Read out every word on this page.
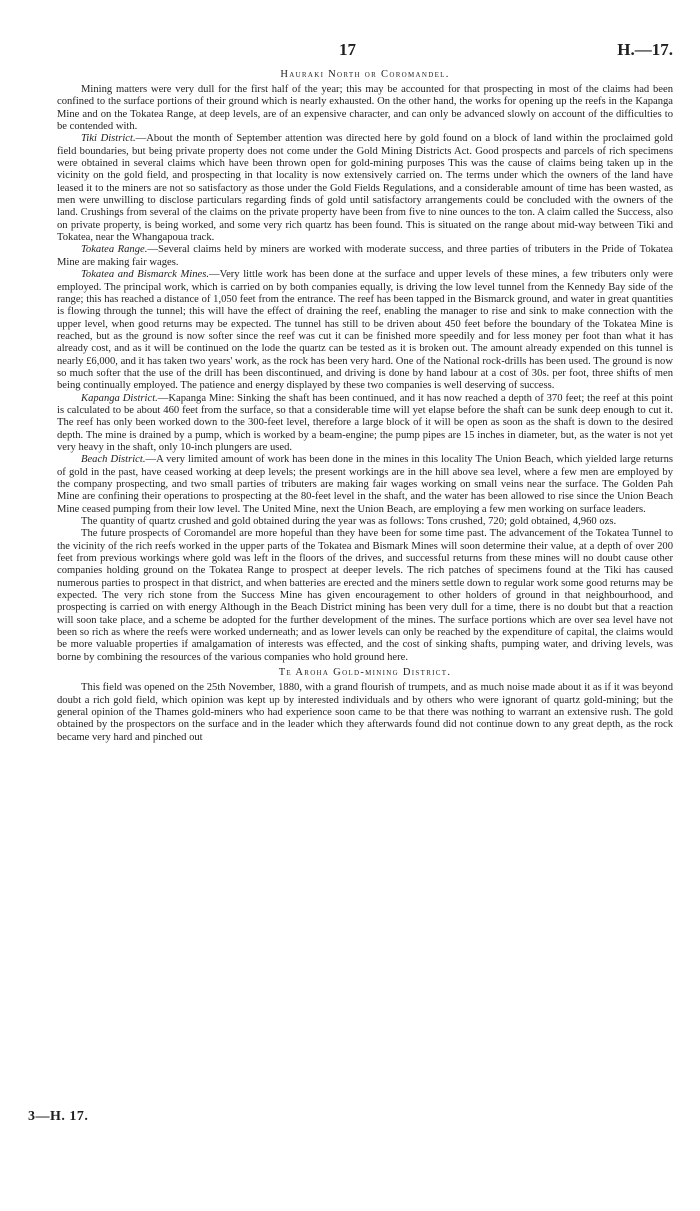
17	H.—17.
Hauraki North or Coromandel.

Mining matters were very dull for the first half of the year; this may be accounted for that prospecting in most of the claims had been confined to the surface portions of their ground which is nearly exhausted. On the other hand, the works for opening up the reefs in the Kapanga Mine and on the Tokatea Range, at deep levels, are of an expensive character, and can only be advanced slowly on account of the difficulties to be contended with.

Tiki District.—About the month of September attention was directed here by gold found on a block of land within the proclaimed gold field boundaries, but being private property does not come under the Gold Mining Districts Act. Good prospects and parcels of rich specimens were obtained in several claims which have been thrown open for gold-mining purposes This was the cause of claims being taken up in the vicinity on the gold field, and prospecting in that locality is now extensively carried on. The terms under which the owners of the land have leased it to the miners are not so satisfactory as those under the Gold Fields Regulations, and a considerable amount of time has been wasted, as men were unwilling to disclose particulars regarding finds of gold until satisfactory arrangements could be concluded with the owners of the land. Crushings from several of the claims on the private property have been from five to nine ounces to the ton. A claim called the Success, also on private property, is being worked, and some very rich quartz has been found. This is situated on the range about mid-way between Tiki and Tokatea, near the Whangapoua track.

Tokatea Range.—Several claims held by miners are worked with moderate success, and three parties of tributers in the Pride of Tokatea Mine are making fair wages.

Tokatea and Bismarck Mines.—Very little work has been done at the surface and upper levels of these mines, a few tributers only were employed. The principal work, which is carried on by both companies equally, is driving the low level tunnel from the Kennedy Bay side of the range; this has reached a distance of 1,050 feet from the entrance. The reef has been tapped in the Bismarck ground, and water in great quantities is flowing through the tunnel; this will have the effect of draining the reef, enabling the manager to rise and sink to make connection with the upper level, when good returns may be expected. The tunnel has still to be driven about 450 feet before the boundary of the Tokatea Mine is reached, but as the ground is now softer since the reef was cut it can be finished more speedily and for less money per foot than what it has already cost, and as it will be continued on the lode the quartz can be tested as it is broken out. The amount already expended on this tunnel is nearly £6,000, and it has taken two years' work, as the rock has been very hard. One of the National rock-drills has been used. The ground is now so much softer that the use of the drill has been discontinued, and driving is done by hand labour at a cost of 30s. per foot, three shifts of men being continually employed. The patience and energy displayed by these two companies is well deserving of success.

Kapanga District.—Kapanga Mine: Sinking the shaft has been continued, and it has now reached a depth of 370 feet; the reef at this point is calculated to be about 460 feet from the surface, so that a considerable time will yet elapse before the shaft can be sunk deep enough to cut it. The reef has only been worked down to the 300-feet level, therefore a large block of it will be open as soon as the shaft is down to the desired depth. The mine is drained by a pump, which is worked by a beam-engine; the pump pipes are 15 inches in diameter, but, as the water is not yet very heavy in the shaft, only 10-inch plungers are used.

Beach District.—A very limited amount of work has been done in the mines in this locality The Union Beach, which yielded large returns of gold in the past, have ceased working at deep levels; the present workings are in the hill above sea level, where a few men are employed by the company prospecting, and two small parties of tributers are making fair wages working on small veins near the surface. The Golden Pah Mine are confining their operations to prospecting at the 80-feet level in the shaft, and the water has been allowed to rise since the Union Beach Mine ceased pumping from their low level. The United Mine, next the Union Beach, are employing a few men working on surface leaders.

The quantity of quartz crushed and gold obtained during the year was as follows: Tons crushed, 720; gold obtained, 4,960 ozs.

The future prospects of Coromandel are more hopeful than they have been for some time past. The advancement of the Tokatea Tunnel to the vicinity of the rich reefs worked in the upper parts of the Tokatea and Bismark Mines will soon determine their value, at a depth of over 200 feet from previous workings where gold was left in the floors of the drives, and successful returns from these mines will no doubt cause other companies holding ground on the Tokatea Range to prospect at deeper levels. The rich patches of specimens found at the Tiki has caused numerous parties to prospect in that district, and when batteries are erected and the miners settle down to regular work some good returns may be expected. The very rich stone from the Success Mine has given encouragement to other holders of ground in that neighbourhood, and prospecting is carried on with energy Although in the Beach District mining has been very dull for a time, there is no doubt but that a reaction will soon take place, and a scheme be adopted for the further development of the mines. The surface portions which are over sea level have not been so rich as where the reefs were worked underneath; and as lower levels can only be reached by the expenditure of capital, the claims would be more valuable properties if amalgamation of interests was effected, and the cost of sinking shafts, pumping water, and driving levels, was borne by combining the resources of the various companies who hold ground here.

Te Aroha Gold-mining District.

This field was opened on the 25th November, 1880, with a grand flourish of trumpets, and as much noise made about it as if it was beyond doubt a rich gold field, which opinion was kept up by interested individuals and by others who were ignorant of quartz gold-mining; but the general opinion of the Thames gold-miners who had experience soon came to be that there was nothing to warrant an extensive rush. The gold obtained by the prospectors on the surface and in the leader which they afterwards found did not continue down to any great depth, as the rock became very hard and pinched out

3—H. 17.
